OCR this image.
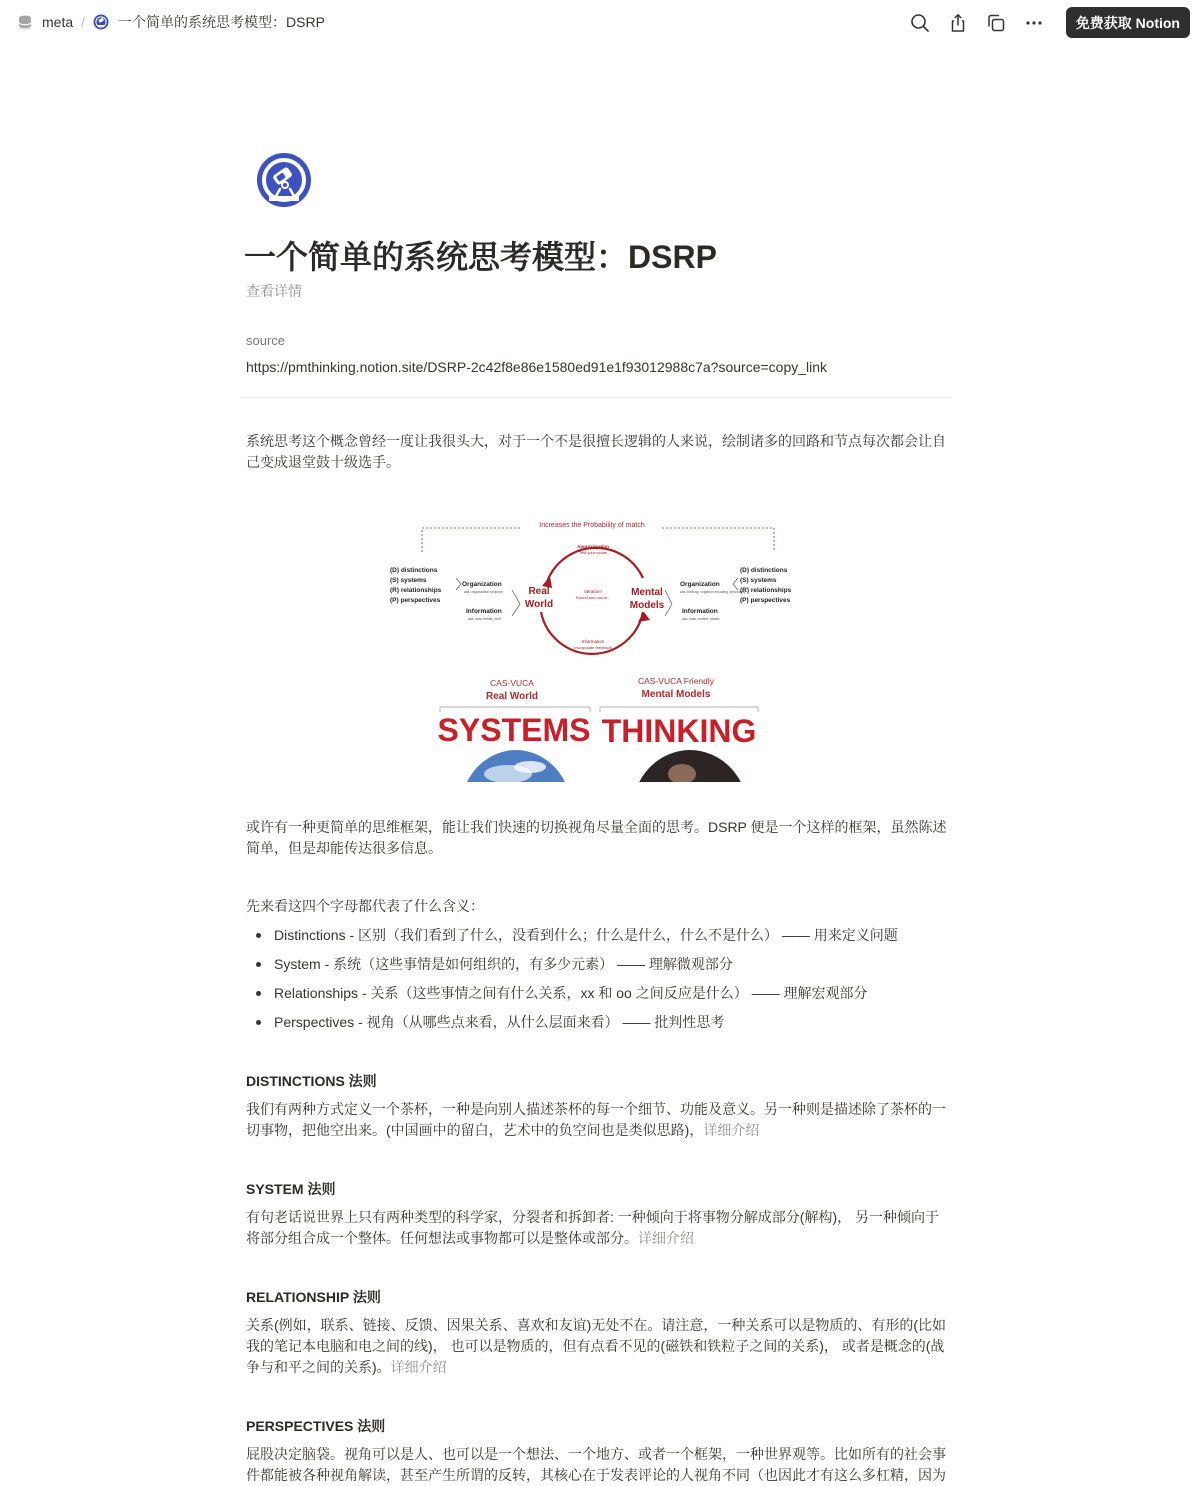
meta / 一个简单的系统思考模型：DSRP	免费获取 Notion
一个简单的系统思考模型：DSRP
查看详情
source
https://pmthinking.notion.site/DSRP-2c42f8e86e1580ed91e1f93012988c7a?source=copy_link

系统思考这个概念曾经一度让我很头大，对于一个不是很擅长逻辑的人来说，绘制诸多的回路和节点每次都会让自
己变成退堂鼓十级选手。

Increases the Probability of match
Approximation
Test your model
Iteration!
Round and round...
Information
Incorporate feedback
Real
World
Mental
Models
(D) distinctions
(S) systems
(R) relationships
(P) perspectives
Organization
aka. organization structure
Information
aka. data, details, stuff
Organization
aka. thinking, cognition encoding, structuring
(D) distinctions
(S) systems
(R) relationships
(P) perspectives
Information
aka. data, content, details
CAS-VUCA
Real World
CAS-VUCA Friendly
Mental Models
SYSTEMS THINKING

或许有一种更简单的思维框架，能让我们快速的切换视角尽量全面的思考。DSRP 便是一个这样的框架，虽然陈述
简单，但是却能传达很多信息。

先来看这四个字母都代表了什么含义：

Distinctions - 区别（我们看到了什么，没看到什么；什么是什么，什么不是什么） —— 用来定义问题
System - 系统（这些事情是如何组织的，有多少元素） —— 理解微观部分
Relationships - 关系（这些事情之间有什么关系，xx 和 oo 之间反应是什么） —— 理解宏观部分
Perspectives - 视角（从哪些点来看，从什么层面来看） —— 批判性思考
DISTINCTIONS 法则

我们有两种方式定义一个茶杯，一种是向别人描述茶杯的每一个细节、功能及意义。另一种则是描述除了茶杯的一
切事物，把他空出来。(中国画中的留白，艺术中的负空间也是类似思路)，详细介绍

SYSTEM 法则

有句老话说世界上只有两种类型的科学家，分裂者和拆卸者: 一种倾向于将事物分解成部分(解构)， 另一种倾向于
将部分组合成一个整体。任何想法或事物都可以是整体或部分。详细介绍

RELATIONSHIP 法则

关系(例如，联系、链接、反馈、因果关系、喜欢和友谊)无处不在。请注意，一种关系可以是物质的、有形的(比如
我的笔记本电脑和电之间的线)， 也可以是物质的，但有点看不见的(磁铁和铁粒子之间的关系)， 或者是概念的(战
争与和平之间的关系)。详细介绍

PERSPECTIVES 法则

屁股决定脑袋。视角可以是人、也可以是一个想法、一个地方、或者一个框架，一种世界观等。比如所有的社会事
件都能被各种视角解读，甚至产生所谓的反转，其核心在于发表评论的人视角不同（也因此才有这么多杠精，因为
